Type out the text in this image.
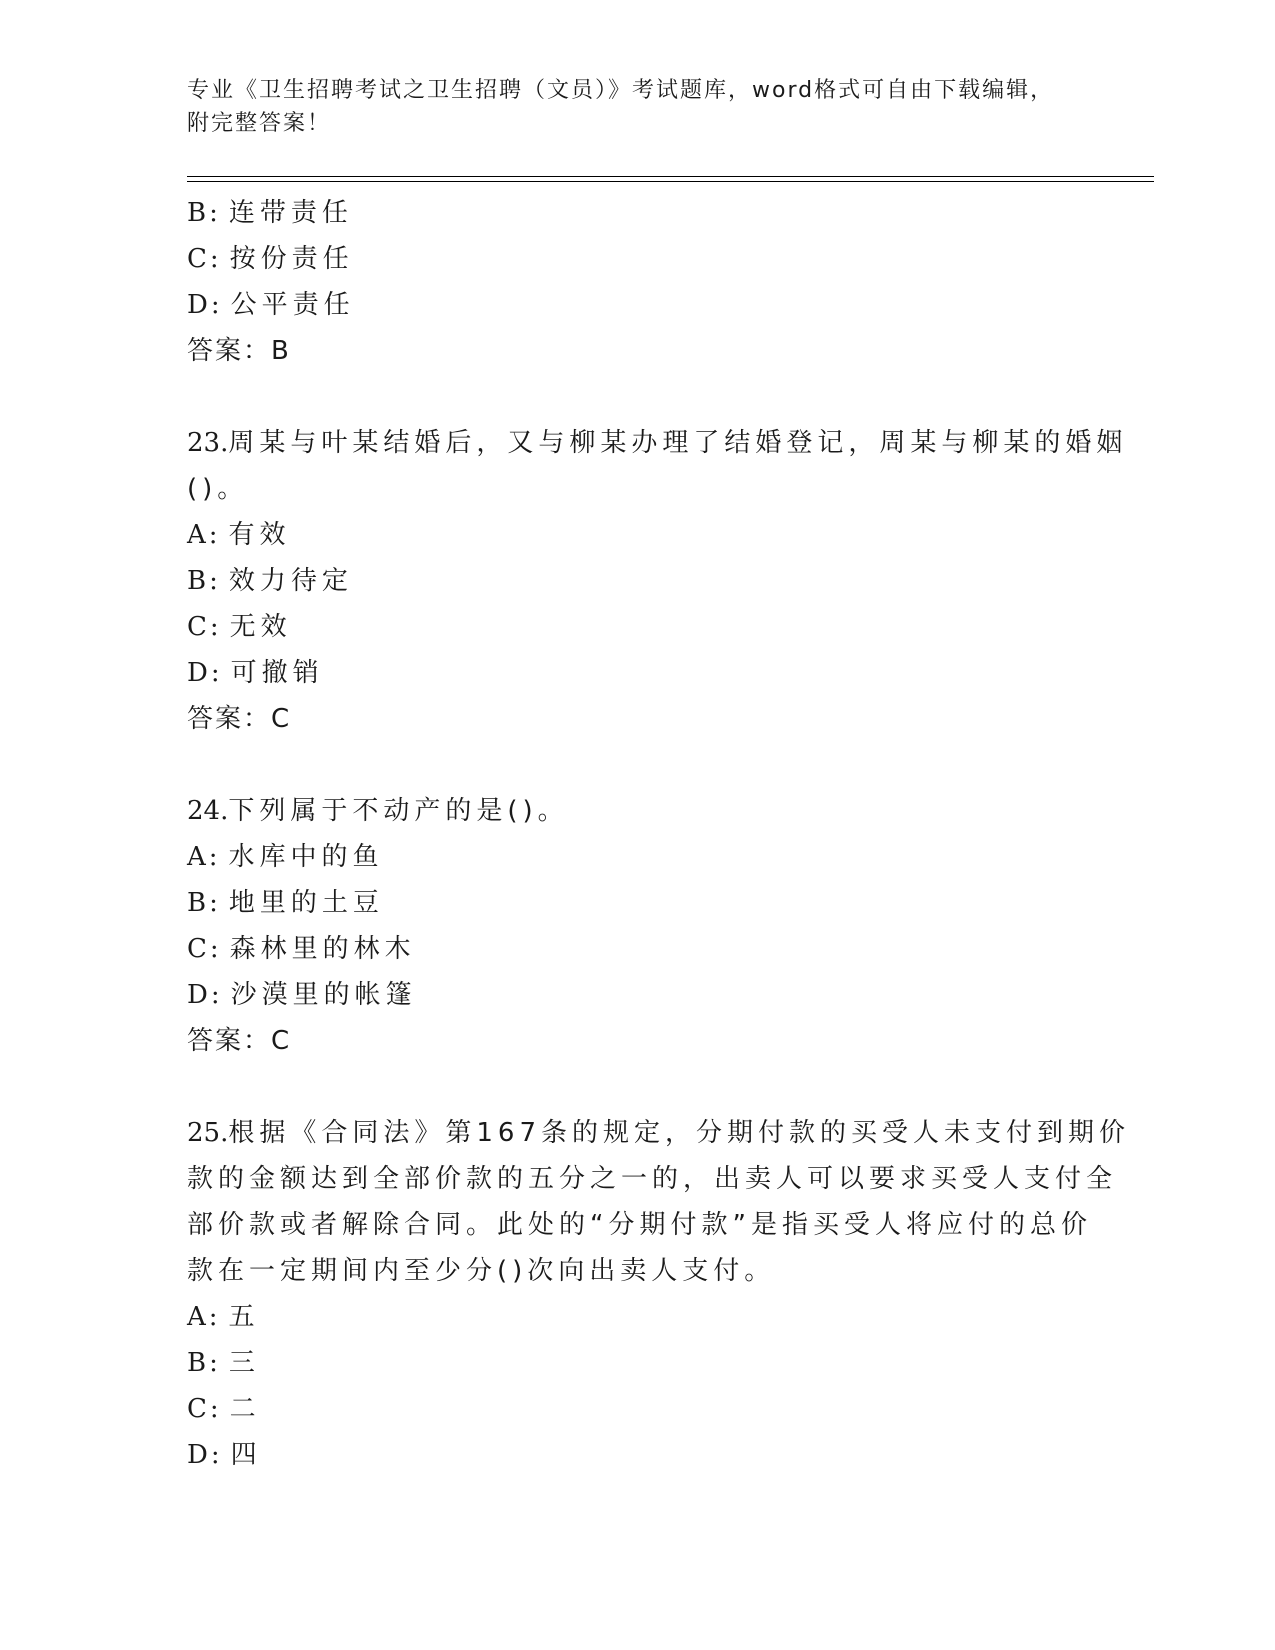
专业《卫生招聘考试之卫生招聘（文员）》考试题库，word格式可自由下载编辑，附完整答案！
B: 连带责任
C: 按份责任
D: 公平责任
答案：B
23.周某与叶某结婚后，又与柳某办理了结婚登记，周某与柳某的婚姻
()。
A: 有效
B: 效力待定
C: 无效
D: 可撤销
答案：C
24.下列属于不动产的是()。
A: 水库中的鱼
B: 地里的土豆
C: 森林里的林木
D: 沙漠里的帐篷
答案：C
25.根据《合同法》第167条的规定，分期付款的买受人未支付到期价
款的金额达到全部价款的五分之一的，出卖人可以要求买受人支付全
部价款或者解除合同。此处的“分期付款”是指买受人将应付的总价
款在一定期间内至少分()次向出卖人支付。
A: 五
B: 三
C: 二
D: 四
